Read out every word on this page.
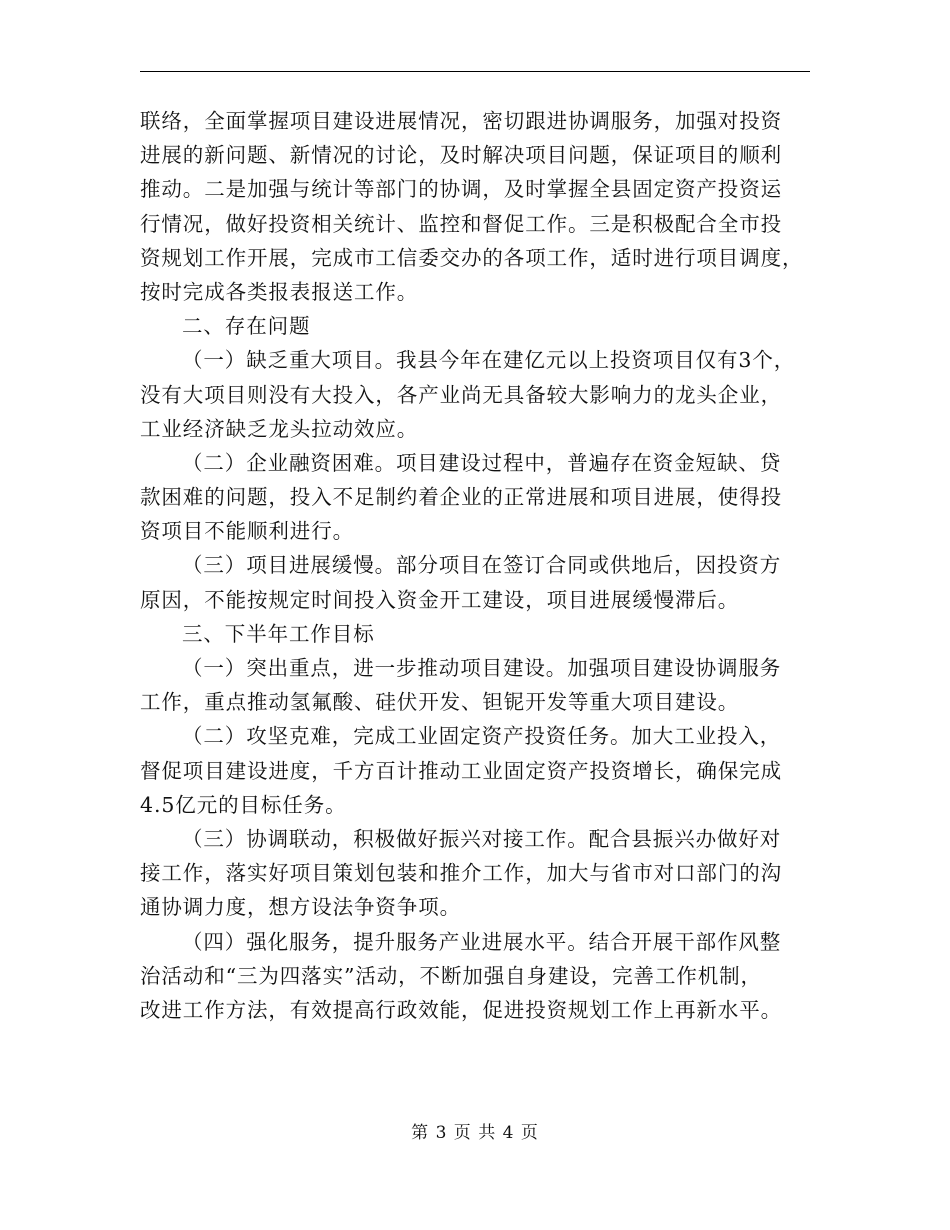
联络，全面掌握项目建设进展情况，密切跟进协调服务，加强对投资
进展的新问题、新情况的讨论，及时解决项目问题，保证项目的顺利
推动。二是加强与统计等部门的协调，及时掌握全县固定资产投资运
行情况，做好投资相关统计、监控和督促工作。三是积极配合全市投
资规划工作开展，完成市工信委交办的各项工作，适时进行项目调度，
按时完成各类报表报送工作。
二、存在问题
（一）缺乏重大项目。我县今年在建亿元以上投资项目仅有3个，
没有大项目则没有大投入，各产业尚无具备较大影响力的龙头企业，
工业经济缺乏龙头拉动效应。
（二）企业融资困难。项目建设过程中，普遍存在资金短缺、贷
款困难的问题，投入不足制约着企业的正常进展和项目进展，使得投
资项目不能顺利进行。
（三）项目进展缓慢。部分项目在签订合同或供地后，因投资方
原因，不能按规定时间投入资金开工建设，项目进展缓慢滞后。
三、下半年工作目标
（一）突出重点，进一步推动项目建设。加强项目建设协调服务
工作，重点推动氢氟酸、硅伏开发、钽铌开发等重大项目建设。
（二）攻坚克难，完成工业固定资产投资任务。加大工业投入，
督促项目建设进度，千方百计推动工业固定资产投资增长，确保完成
4.5亿元的目标任务。
（三）协调联动，积极做好振兴对接工作。配合县振兴办做好对
接工作，落实好项目策划包装和推介工作，加大与省市对口部门的沟
通协调力度，想方设法争资争项。
（四）强化服务，提升服务产业进展水平。结合开展干部作风整
治活动和“三为四落实”活动，不断加强自身建设，完善工作机制，
改进工作方法，有效提高行政效能，促进投资规划工作上再新水平。
第 3 页 共 4 页
